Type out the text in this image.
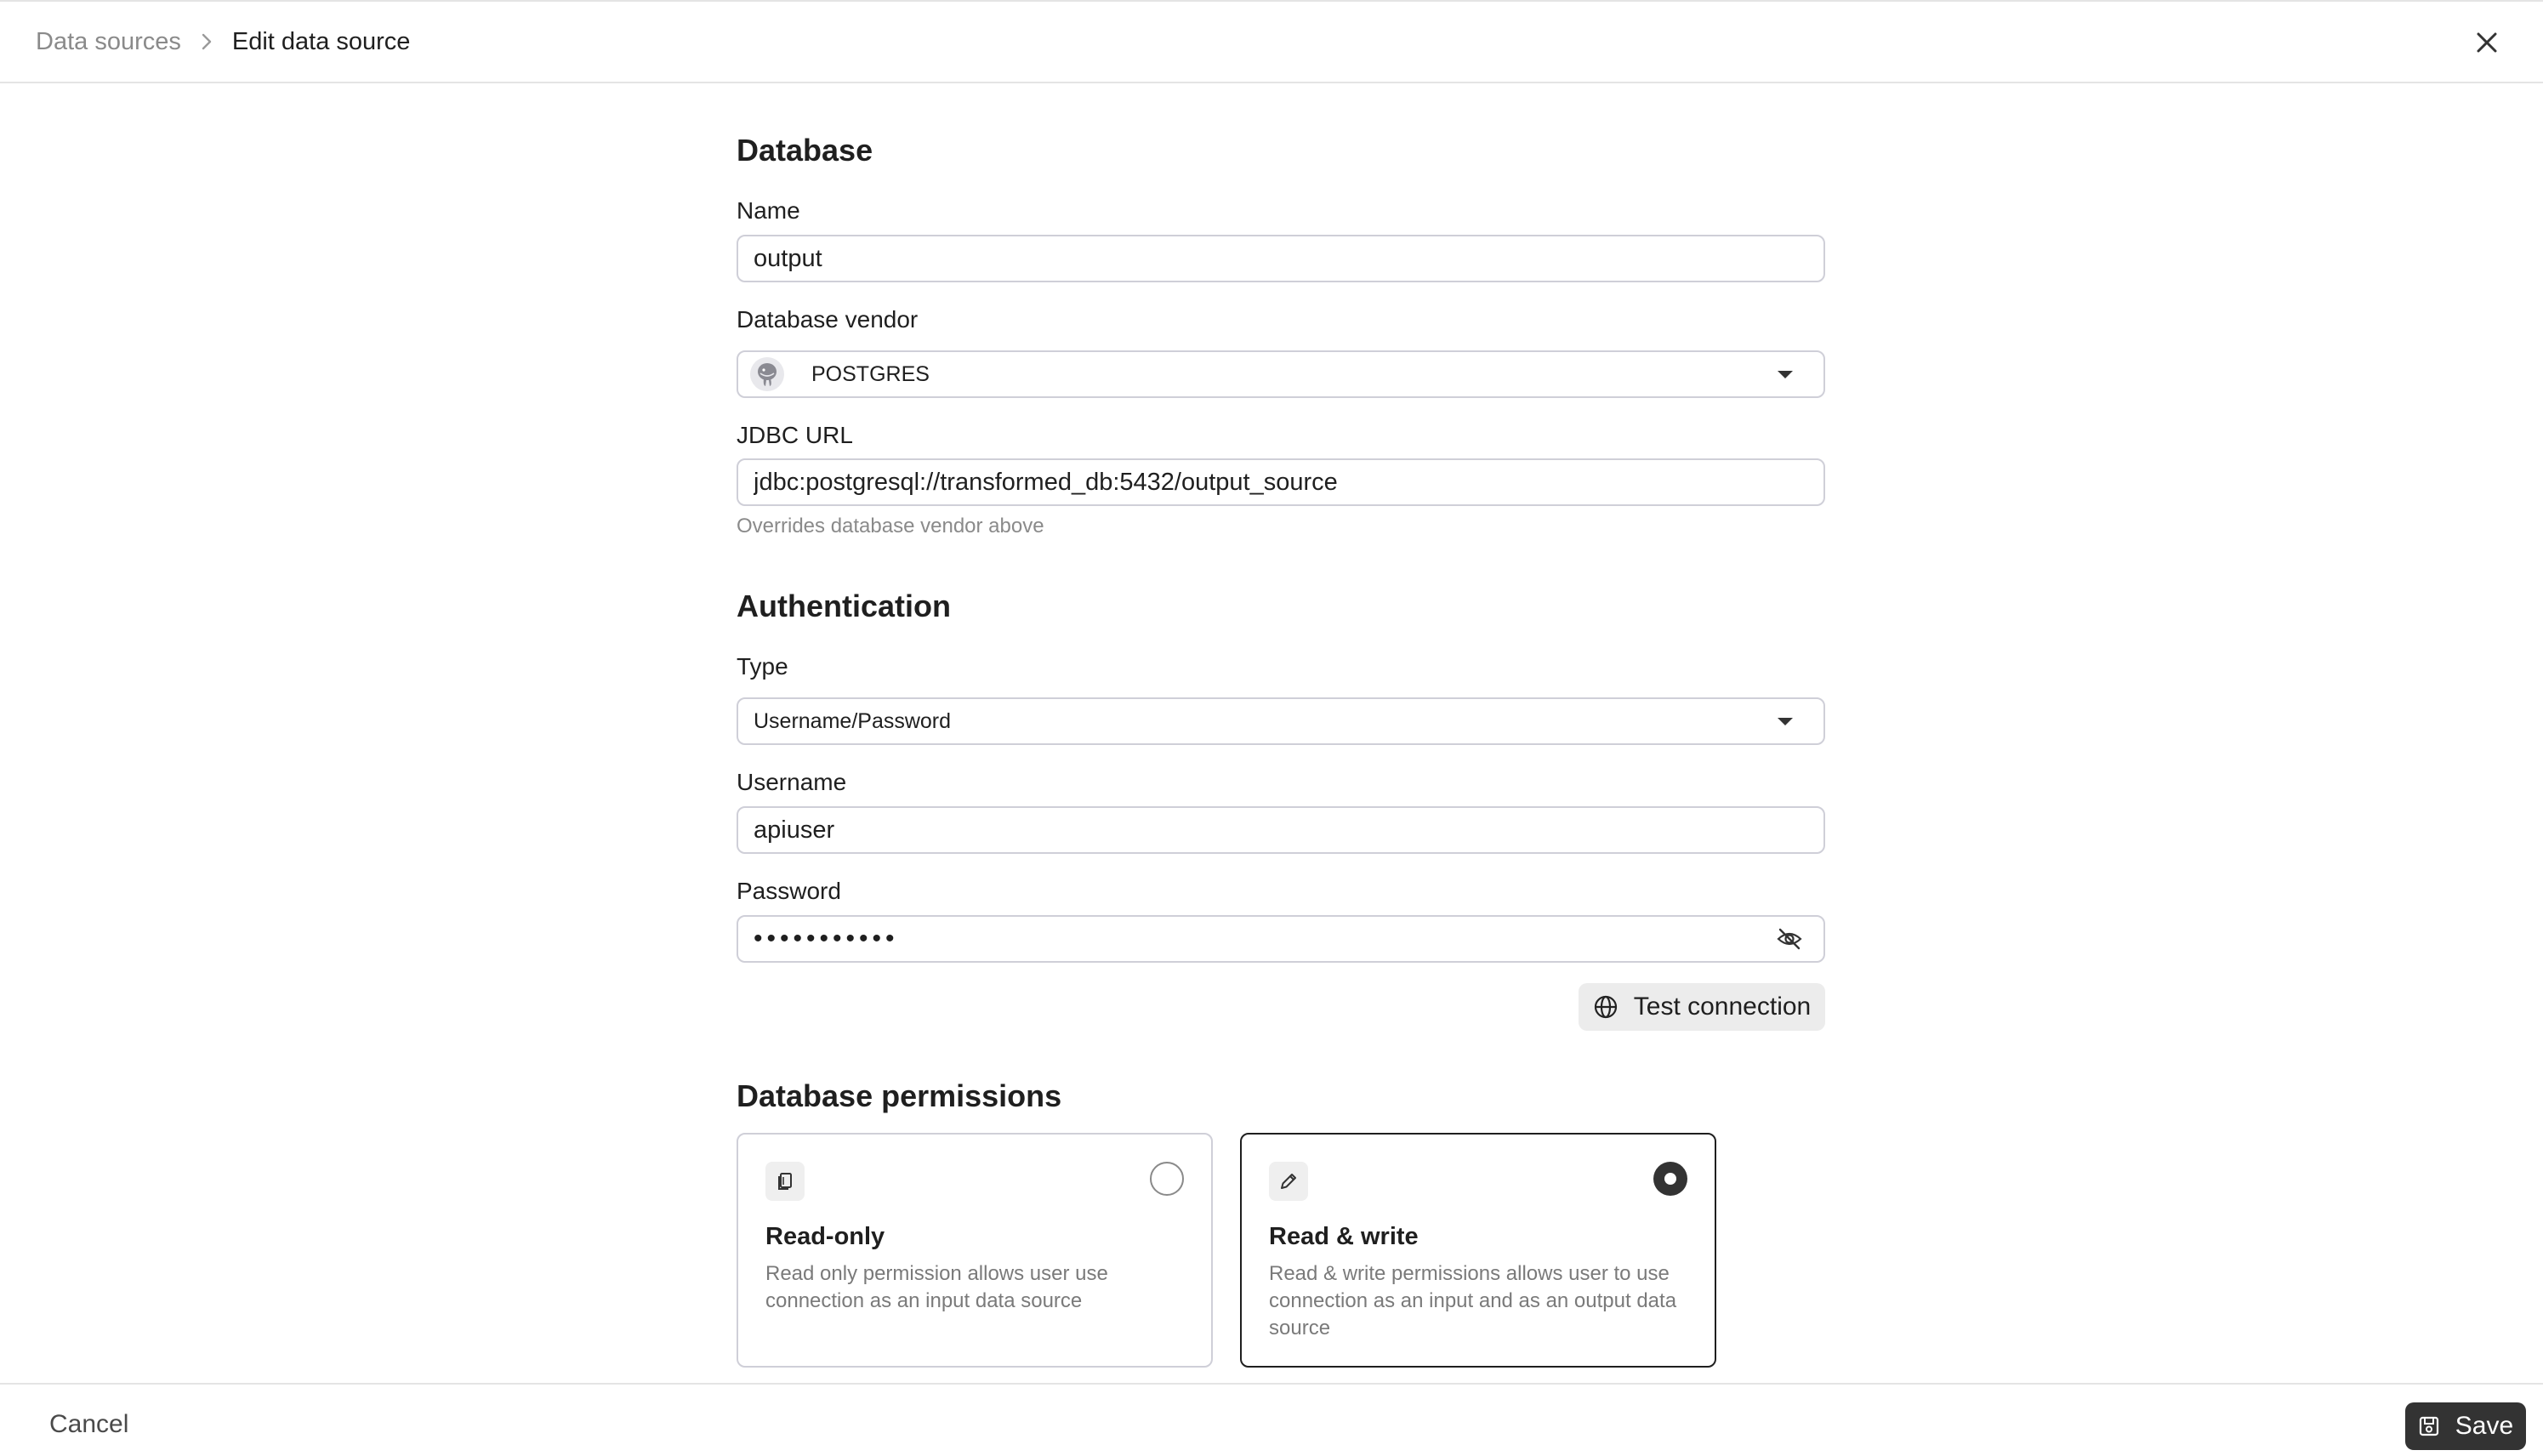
Data sources Edit data source
Database
Name
output
Database vendor
POSTGRES
JDBC URL
jdbc:postgresql://transformed_db:5432/output_source
Overrides database vendor above
Authentication
Type
Username/Password
Username
apiuser
Password
•••••••••••
Test connection
Database permissions
Read-only
Read only permission allows user use connection as an input data source
Read & write
Read & write permissions allows user to use connection as an input and as an output data source
Cancel	Save
